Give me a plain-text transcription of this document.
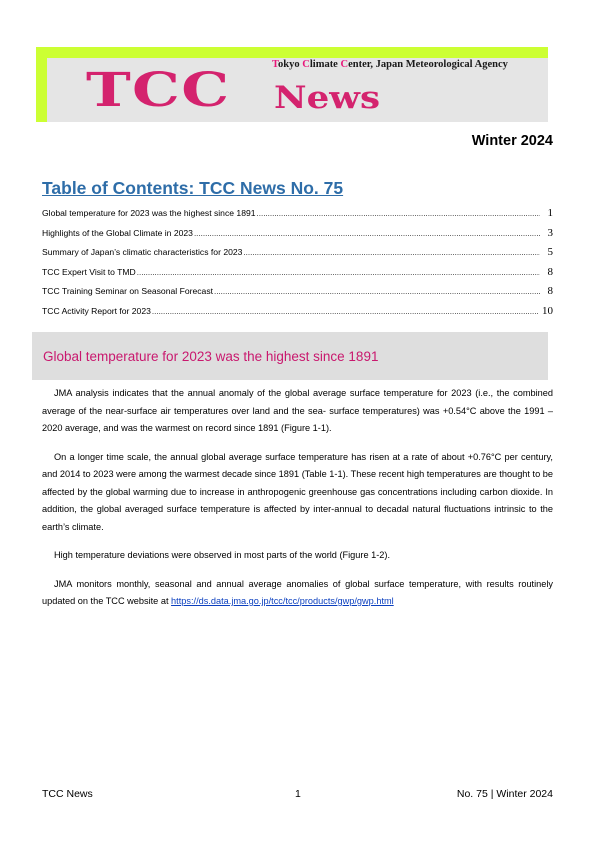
Tokyo Climate Center, Japan Meteorological Agency
TCC News
Winter 2024
Table of Contents: TCC News No. 75
Global temperature for 2023 was the highest since 1891 .....	1
Highlights of the Global Climate in 2023 .....	3
Summary of Japan’s climatic characteristics for 2023 .....	5
TCC Expert Visit to TMD .....	8
TCC Training Seminar on Seasonal Forecast .....	8
TCC Activity Report for 2023 .....	10
Global temperature for 2023 was the highest since 1891

JMA analysis indicates that the annual anomaly of the global average surface temperature for 2023 (i.e., the combined average of the near-surface air temperatures over land and the sea- surface temperatures) was +0.54°C above the 1991 – 2020 average, and was the warmest on record since 1891 (Figure 1-1).

On a longer time scale, the annual global average surface temperature has risen at a rate of about +0.76°C per century, and 2014 to 2023 were among the warmest decade since 1891 (Table 1-1). These recent high temperatures are thought to be affected by the global warming due to increase in anthropogenic greenhouse gas concentrations including carbon dioxide. In addition, the global averaged surface temperature is affected by inter-annual to decadal natural fluctuations intrinsic to the earth’s climate.

High temperature deviations were observed in most parts of the world (Figure 1-2).

JMA monitors monthly, seasonal and annual average anomalies of global surface temperature, with results routinely updated on the TCC website at https://ds.data.jma.go.jp/tcc/tcc/products/gwp/gwp.html

TCC News	1	No. 75 | Winter 2024
